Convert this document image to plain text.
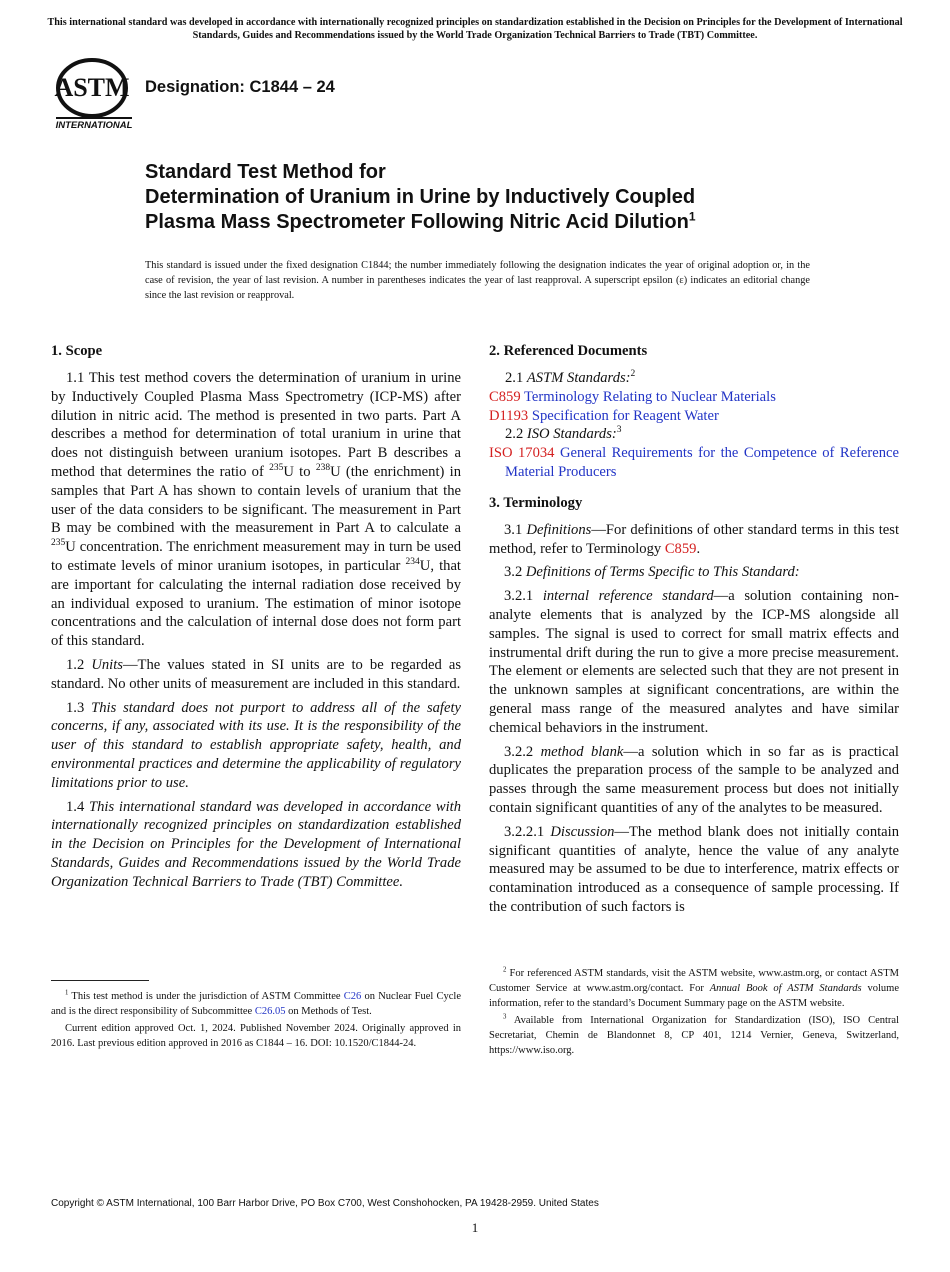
This international standard was developed in accordance with internationally recognized principles on standardization established in the Decision on Principles for the Development of International Standards, Guides and Recommendations issued by the World Trade Organization Technical Barriers to Trade (TBT) Committee.
ASTM
INTERNATIONAL
Designation: C1844 – 24
Standard Test Method for
Determination of Uranium in Urine by Inductively Coupled
Plasma Mass Spectrometer Following Nitric Acid Dilution$^1$
This standard is issued under the fixed designation C1844; the number immediately following the designation indicates the year of original adoption or, in the case of revision, the year of last revision. A number in parentheses indicates the year of last reapproval. A superscript epsilon (ε) indicates an editorial change since the last revision or reapproval.
1. Scope

1.1 This test method covers the determination of uranium in urine by Inductively Coupled Plasma Mass Spectrometry (ICP-MS) after dilution in nitric acid. The method is presented in two parts. Part A describes a method for determination of total uranium in urine that does not distinguish between uranium isotopes. Part B describes a method that determines the ratio of $^{235}$U to $^{238}$U (the enrichment) in samples that Part A has shown to contain levels of uranium that the user of the data considers to be significant. The measurement in Part B may be combined with the measurement in Part A to calculate a $^{235}$U concentration. The enrichment measurement may in turn be used to estimate levels of minor uranium isotopes, in particular $^{234}$U, that are important for calculating the internal radiation dose received by an individual exposed to uranium. The estimation of minor isotope concentrations and the calculation of internal dose does not form part of this standard.

1.2 Units—The values stated in SI units are to be regarded as standard. No other units of measurement are included in this standard.

1.3 This standard does not purport to address all of the safety concerns, if any, associated with its use. It is the responsibility of the user of this standard to establish appropriate safety, health, and environmental practices and determine the applicability of regulatory limitations prior to use.

1.4 This international standard was developed in accordance with internationally recognized principles on standardization established in the Decision on Principles for the Development of International Standards, Guides and Recommendations issued by the World Trade Organization Technical Barriers to Trade (TBT) Committee.

2. Referenced Documents
2.1 ASTM Standards:$^2$
C859 Terminology Relating to Nuclear Materials
D1193 Specification for Reagent Water
2.2 ISO Standards:$^3$
ISO 17034 General Requirements for the Competence of Reference Material Producers
3. Terminology

3.1 Definitions—For definitions of other standard terms in this test method, refer to Terminology C859.

3.2 Definitions of Terms Specific to This Standard:

3.2.1 internal reference standard—a solution containing non-analyte elements that is analyzed by the ICP-MS alongside all samples. The signal is used to correct for small matrix effects and instrumental drift during the run to give a more precise measurement. The element or elements are selected such that they are not present in the unknown samples at significant concentrations, are within the general mass range of the measured analytes and have similar chemical behaviors in the instrument.

3.2.2 method blank—a solution which in so far as is practical duplicates the preparation process of the sample to be analyzed and passes through the same measurement process but does not initially contain significant quantities of any of the analytes to be measured.

3.2.2.1 Discussion—The method blank does not initially contain significant quantities of analyte, hence the value of any analyte measured may be assumed to be due to interference, matrix effects or contamination introduced as a consequence of sample processing. If the contribution of such factors is

$^1$ This test method is under the jurisdiction of ASTM Committee C26 on Nuclear Fuel Cycle and is the direct responsibility of Subcommittee C26.05 on Methods of Test.

Current edition approved Oct. 1, 2024. Published November 2024. Originally approved in 2016. Last previous edition approved in 2016 as C1844 – 16. DOI: 10.1520/C1844-24.

$^2$ For referenced ASTM standards, visit the ASTM website, www.astm.org, or contact ASTM Customer Service at www.astm.org/contact. For Annual Book of ASTM Standards volume information, refer to the standard’s Document Summary page on the ASTM website.

$^3$ Available from International Organization for Standardization (ISO), ISO Central Secretariat, Chemin de Blandonnet 8, CP 401, 1214 Vernier, Geneva, Switzerland, https://www.iso.org.

Copyright © ASTM International, 100 Barr Harbor Drive, PO Box C700, West Conshohocken, PA 19428-2959. United States
1
